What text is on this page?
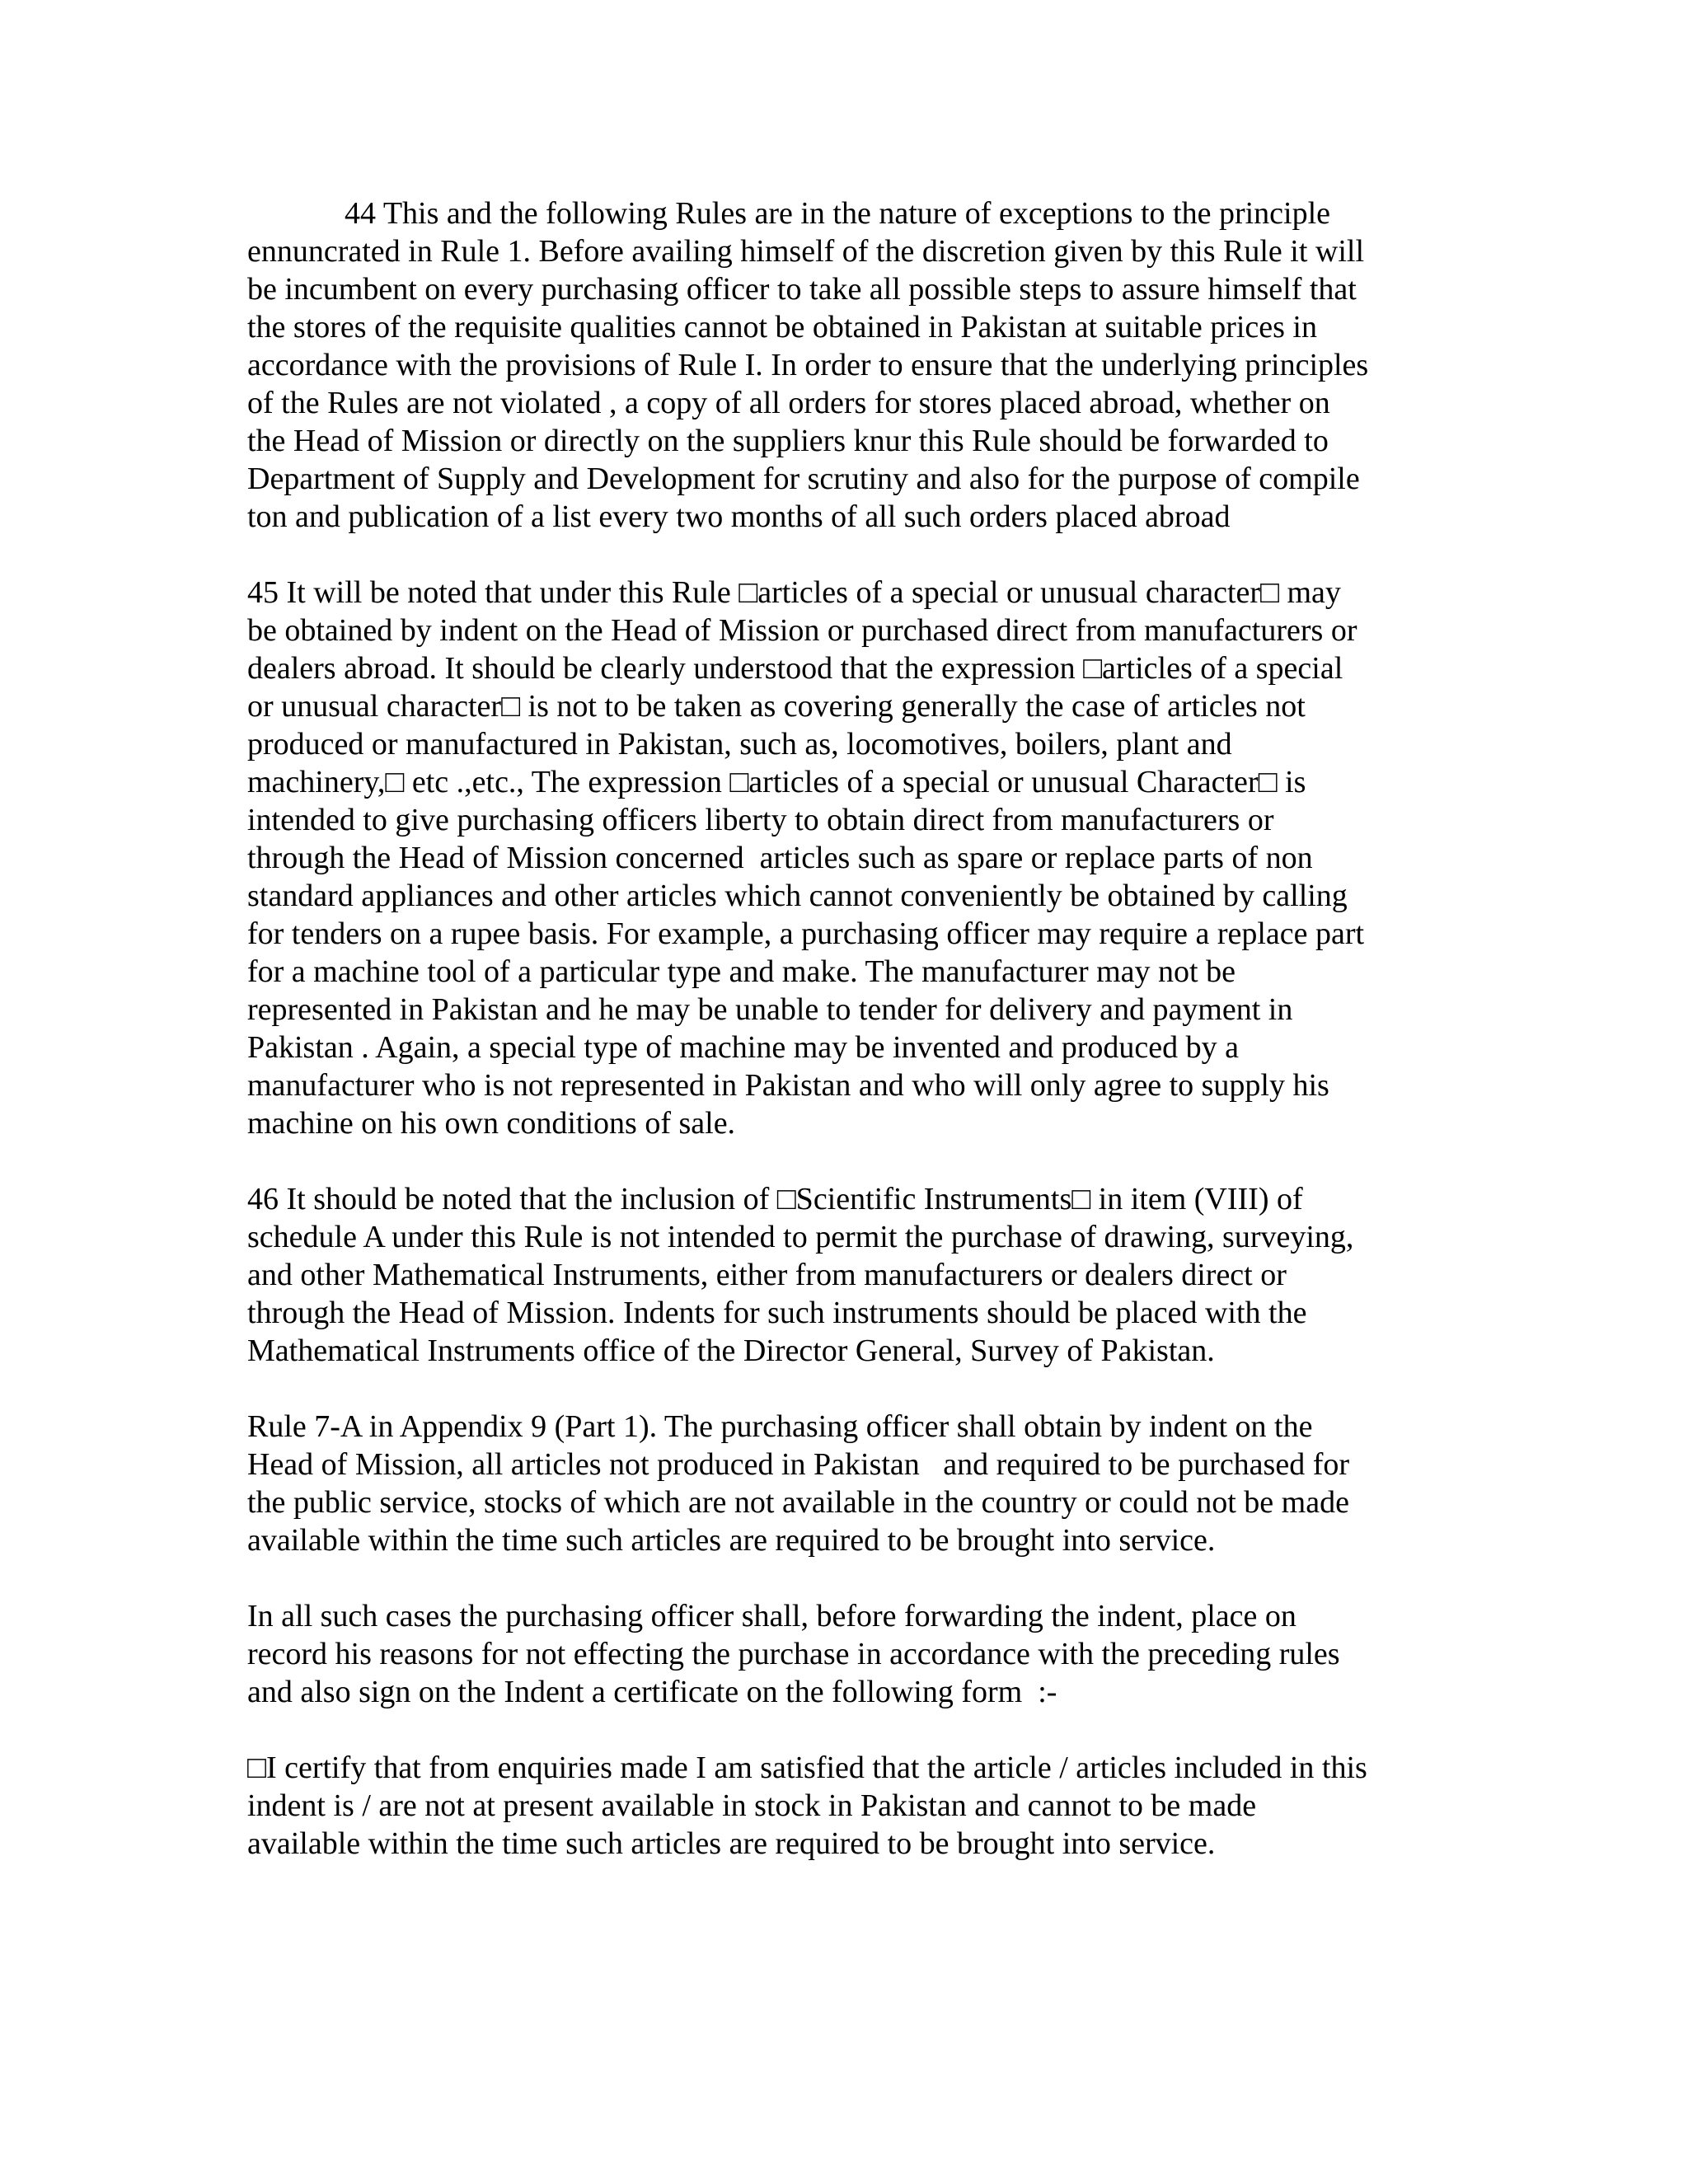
44 This and the following Rules are in the nature of exceptions to the principle
ennuncrated in Rule 1. Before availing himself of the discretion given by this Rule it will
be incumbent on every purchasing officer to take all possible steps to assure himself that
the stores of the requisite qualities cannot be obtained in Pakistan at suitable prices in
accordance with the provisions of Rule I. In order to ensure that the underlying principles
of the Rules are not violated , a copy of all orders for stores placed abroad, whether on
the Head of Mission or directly on the suppliers knur this Rule should be forwarded to
Department of Supply and Development for scrutiny and also for the purpose of compile
ton and publication of a list every two months of all such orders placed abroad
45 It will be noted that under this Rule □articles of a special or unusual character□ may
be obtained by indent on the Head of Mission or purchased direct from manufacturers or
dealers abroad. It should be clearly understood that the expression □articles of a special
or unusual character□ is not to be taken as covering generally the case of articles not
produced or manufactured in Pakistan, such as, locomotives, boilers, plant and
machinery,□ etc .,etc., The expression □articles of a special or unusual Character□ is
intended to give purchasing officers liberty to obtain direct from manufacturers or
through the Head of Mission concerned  articles such as spare or replace parts of non
standard appliances and other articles which cannot conveniently be obtained by calling
for tenders on a rupee basis. For example, a purchasing officer may require a replace part
for a machine tool of a particular type and make. The manufacturer may not be
represented in Pakistan and he may be unable to tender for delivery and payment in
Pakistan . Again, a special type of machine may be invented and produced by a
manufacturer who is not represented in Pakistan and who will only agree to supply his
machine on his own conditions of sale.
46 It should be noted that the inclusion of □Scientific Instruments□ in item (VIII) of
schedule A under this Rule is not intended to permit the purchase of drawing, surveying,
and other Mathematical Instruments, either from manufacturers or dealers direct or
through the Head of Mission. Indents for such instruments should be placed with the
Mathematical Instruments office of the Director General, Survey of Pakistan.
Rule 7-A in Appendix 9 (Part 1). The purchasing officer shall obtain by indent on the
Head of Mission, all articles not produced in Pakistan   and required to be purchased for
the public service, stocks of which are not available in the country or could not be made
available within the time such articles are required to be brought into service.
In all such cases the purchasing officer shall, before forwarding the indent, place on
record his reasons for not effecting the purchase in accordance with the preceding rules
and also sign on the Indent a certificate on the following form  :-
□I certify that from enquiries made I am satisfied that the article / articles included in this
indent is / are not at present available in stock in Pakistan and cannot to be made
available within the time such articles are required to be brought into service.
